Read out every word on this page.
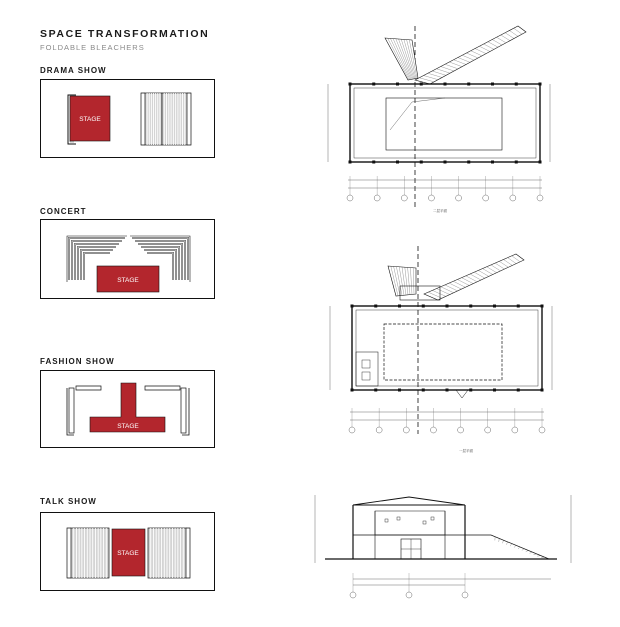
SPACE TRANSFORMATION
FOLDABLE BLEACHERS
DRAMA SHOW
STAGE
CONCERT
STAGE
FASHION SHOW
STAGE
TALK SHOW
STAGE
二层平面
一层平面
